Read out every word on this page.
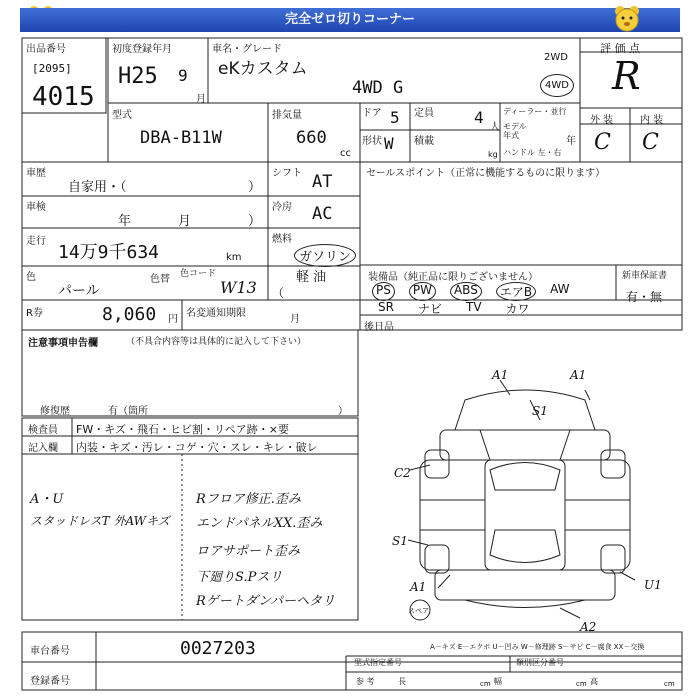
完全ゼロ切りコーナー
出品番号
[2095]
4015
初度登録年月
H25 9
月
車名・グレード
eKカスタム
4WD G
2WD
4WD
評 価 点
R
外 装	内 装
C C
型式
DBA-B11W
排気量
660
cc
ドア 5
形状 W
定員	4
人
積載
kg
ディーラー・並行
モデル
年式
年
ハンドル 左・右
車歴
自家用・（	）
シフト AT	セールスポイント（正常に機能するものに限ります）
車検
年	月	）
冷房 AC
走行
14万9千634	km
燃料
ガソリン
軽 油
（
色
パール
色替 色コード
W13
装備品（純正品に限りございません）
PS	PW	ABS	エアB	AW
SR ナビ TV カワ
新車保証書
有・無
R券	8,060 円
名変通知期限
月
後日品
注意事項申告欄	（不具合内容等は具体的に記入して下さい）
修復歴	有（箇所	）
検査員
記入欄
FW・キズ・飛石・ヒビ割・リペア跡・×要
内装・キズ・汚レ・コゲ・穴・スレ・キレ・破レ
A・U
スタッドレスT 外AWキズ
Rフロア修正.歪み
エンドパネルXX.歪み
ロアサポート歪み
下廻りS.Pスリ
Rゲートダンパーヘタリ
A1	A1
S1
C2
S1
A1	U1
A2
スペア
A－キズ E－エクボ U－凹み W－修理跡 S－サビ C－腐食 XX－交換
車台番号	0027203
登録番号
型式指定番号	類別区分番号
参 考	長	cm 幅	cm 高	cm
